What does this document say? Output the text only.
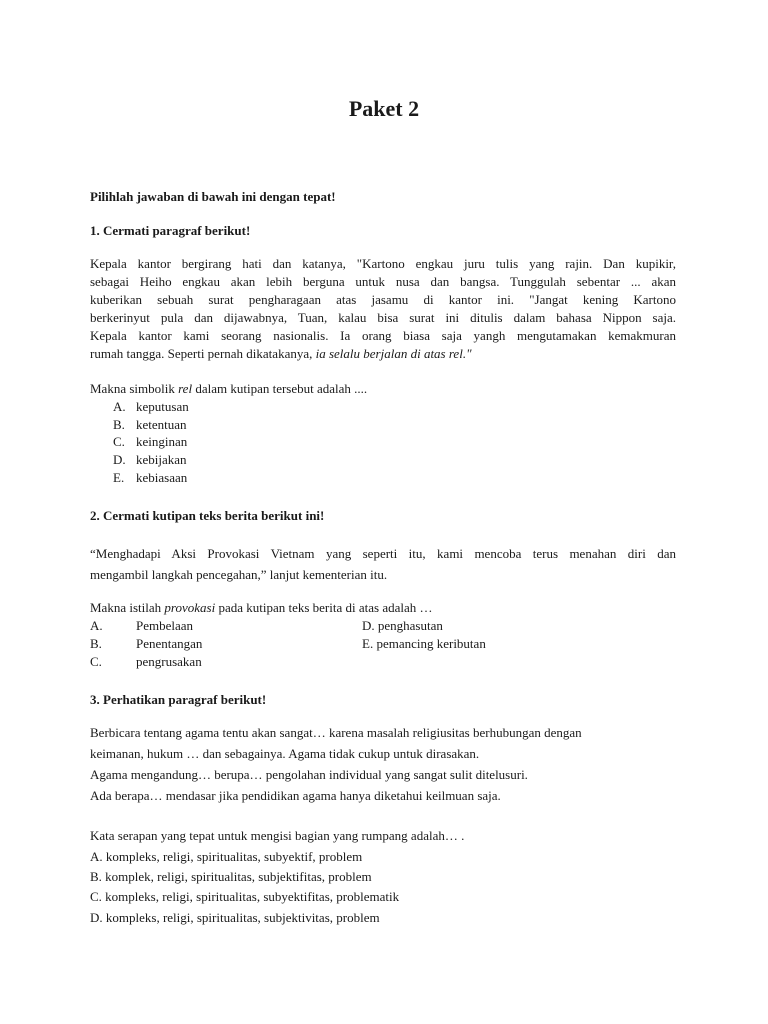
Paket 2
Pilihlah jawaban di bawah ini dengan tepat!
1. Cermati paragraf berikut!
Kepala kantor bergirang hati dan katanya, "Kartono engkau juru tulis yang rajin. Dan kupikir,
sebagai Heiho engkau akan lebih berguna untuk nusa dan bangsa. Tunggulah sebentar ... akan
kuberikan sebuah surat pengharagaan atas jasamu di kantor ini. "Jangat kening Kartono
berkerinyut pula dan dijawabnya, Tuan, kalau bisa surat ini ditulis dalam bahasa Nippon saja.
Kepala kantor kami seorang nasionalis. Ia orang biasa saja yangh mengutamakan kemakmuran
rumah tangga. Seperti pernah dikatakanya, ia selalu berjalan di atas rel."
Makna simbolik rel dalam kutipan tersebut adalah ....
A. keputusan
B. ketentuan
C. keinginan
D. kebijakan
E. kebiasaan
2. Cermati kutipan teks berita berikut ini!
“Menghadapi Aksi Provokasi Vietnam yang seperti itu, kami mencoba terus menahan diri dan
mengambil langkah pencegahan,” lanjut kementerian itu.
Makna istilah provokasi pada kutipan teks berita di atas adalah …
A.	Pembelaan
B.	Penentangan
C.	pengrusakan
D. penghasutan
E. pemancing keributan
3. Perhatikan paragraf berikut!
Berbicara tentang agama tentu akan sangat… karena masalah religiusitas berhubungan dengan
keimanan, hukum … dan sebagainya. Agama tidak cukup untuk dirasakan.
Agama mengandung… berupa… pengolahan individual yang sangat sulit ditelusuri.
Ada berapa… mendasar jika pendidikan agama hanya diketahui keilmuan saja.
Kata serapan yang tepat untuk mengisi bagian yang rumpang adalah… .
A. kompleks, religi, spiritualitas, subyektif, problem
B. komplek, religi, spiritualitas, subjektifitas, problem
C. kompleks, religi, spiritualitas, subyektifitas, problematik
D. kompleks, religi, spiritualitas, subjektivitas, problem
